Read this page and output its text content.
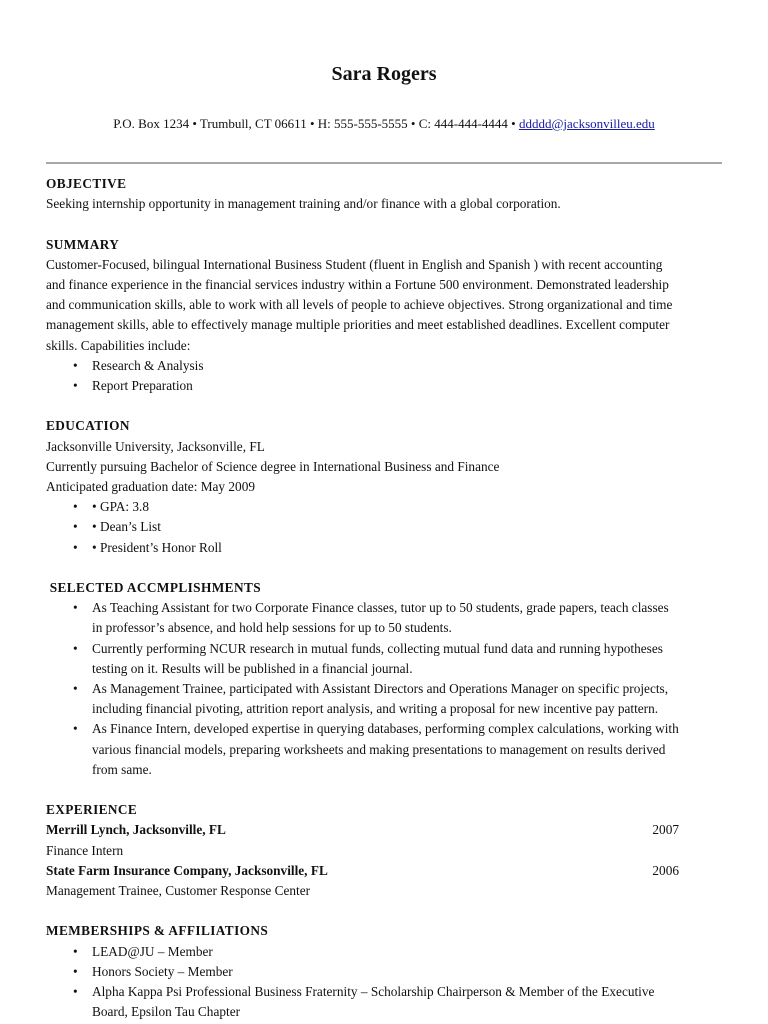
Sara Rogers
P.O. Box 1234 • Trumbull, CT 06611 • H: 555-555-5555 • C: 444-444-4444 • ddddd@jacksonvilleu.edu
OBJECTIVE
Seeking internship opportunity in management training and/or finance with a global corporation.
SUMMARY
Customer-Focused, bilingual International Business Student (fluent in English and Spanish ) with recent accounting
and finance experience in the financial services industry within a Fortune 500 environment. Demonstrated leadership
and communication skills, able to work with all levels of people to achieve objectives. Strong organizational and time
management skills, able to effectively manage multiple priorities and meet established deadlines. Excellent computer
skills. Capabilities include:
• Research & Analysis
• Report Preparation
EDUCATION
Jacksonville University, Jacksonville, FL
Currently pursuing Bachelor of Science degree in International Business and Finance
Anticipated graduation date: May 2009
• • GPA: 3.8
• • Dean’s List
• • President’s Honor Roll
SELECTED ACCMPLISHMENTS
• As Teaching Assistant for two Corporate Finance classes, tutor up to 50 students, grade papers, teach classes
in professor’s absence, and hold help sessions for up to 50 students.
• Currently performing NCUR research in mutual funds, collecting mutual fund data and running hypotheses
testing on it. Results will be published in a financial journal.
• As Management Trainee, participated with Assistant Directors and Operations Manager on specific projects,
including financial pivoting, attrition report analysis, and writing a proposal for new incentive pay pattern.
• As Finance Intern, developed expertise in querying databases, performing complex calculations, working with
various financial models, preparing worksheets and making presentations to management on results derived
from same.
EXPERIENCE
Merrill Lynch, Jacksonville, FL	2007
Finance Intern
State Farm Insurance Company, Jacksonville, FL	2006
Management Trainee, Customer Response Center
MEMBERSHIPS & AFFILIATIONS
• LEAD@JU – Member
• Honors Society – Member
• Alpha Kappa Psi Professional Business Fraternity – Scholarship Chairperson & Member of the Executive
Board, Epsilon Tau Chapter
